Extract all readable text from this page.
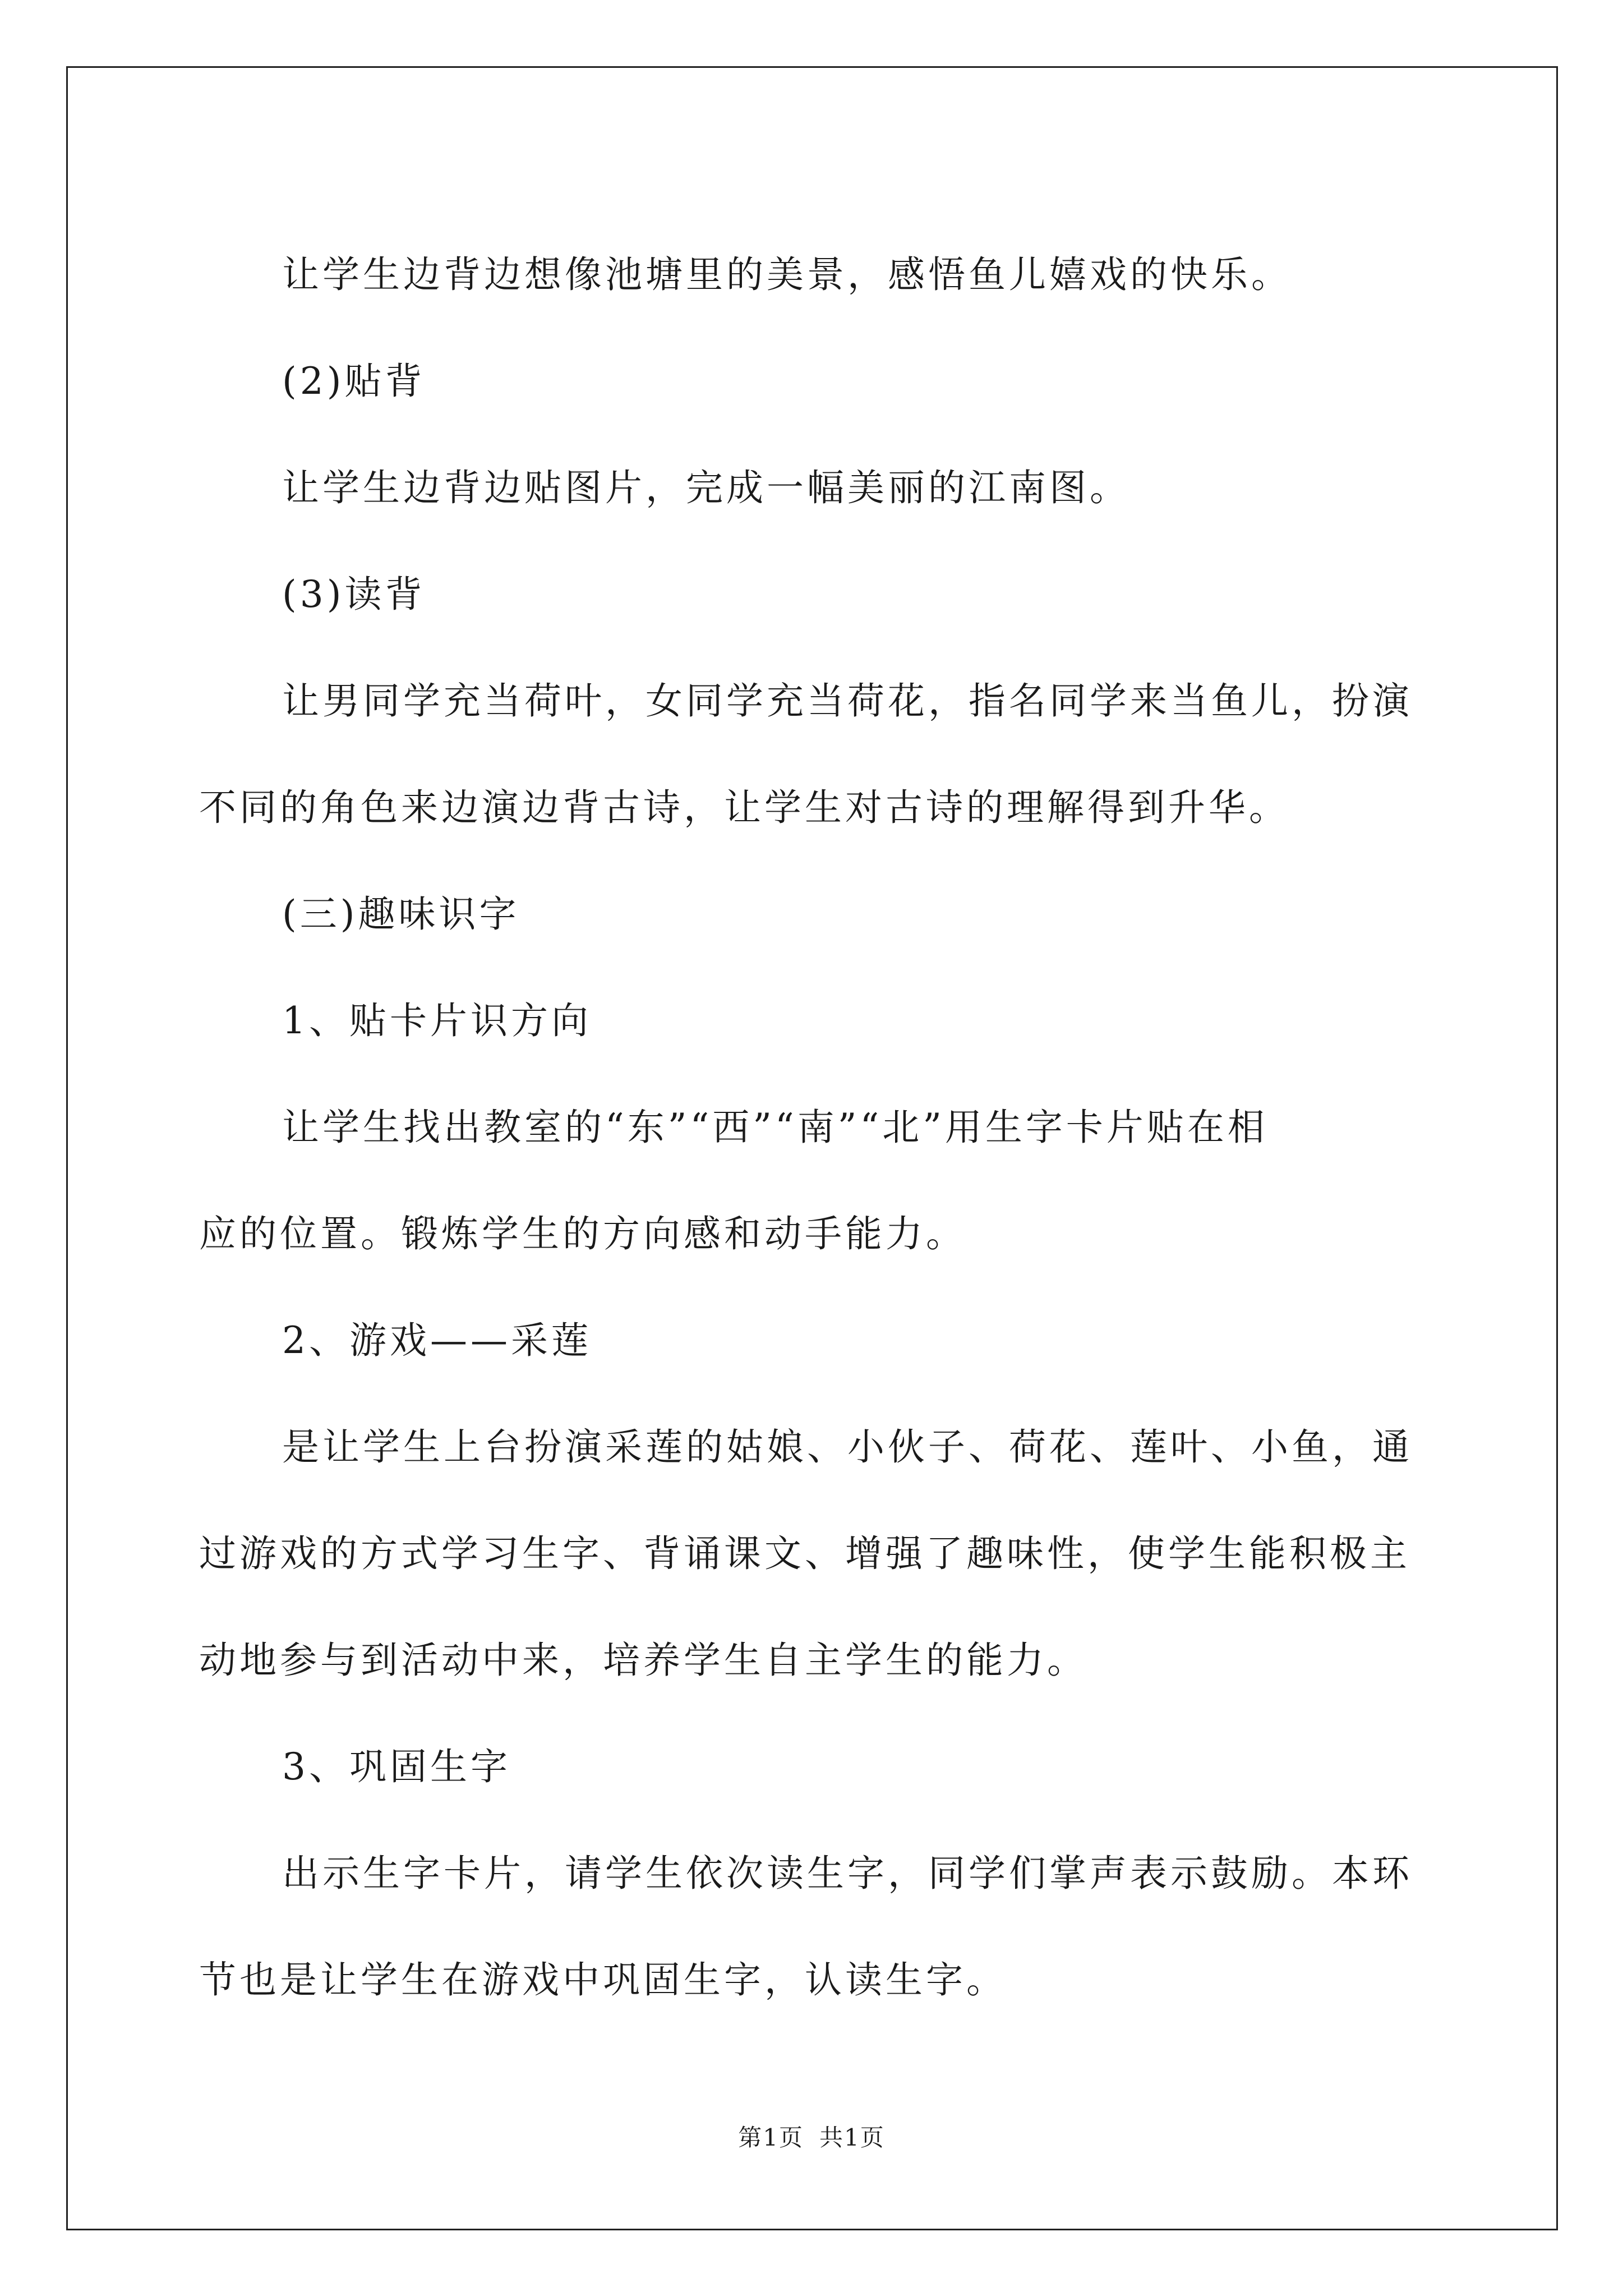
让学生边背边想像池塘里的美景，感悟鱼儿嬉戏的快乐。

(2)贴背

让学生边背边贴图片，完成一幅美丽的江南图。

(3)读背

让男同学充当荷叶，女同学充当荷花，指名同学来当鱼儿，扮演

不同的角色来边演边背古诗，让学生对古诗的理解得到升华。

(三)趣味识字

1、贴卡片识方向

让学生找出教室的“东”“西”“南”“北”用生字卡片贴在相

应的位置。锻炼学生的方向感和动手能力。

2、游戏——采莲

是让学生上台扮演采莲的姑娘、小伙子、荷花、莲叶、小鱼，通

过游戏的方式学习生字、背诵课文、增强了趣味性，使学生能积极主

动地参与到活动中来，培养学生自主学生的能力。

3、巩固生字

出示生字卡片，请学生依次读生字，同学们掌声表示鼓励。本环

节也是让学生在游戏中巩固生字，认读生字。

第1页 共1页
